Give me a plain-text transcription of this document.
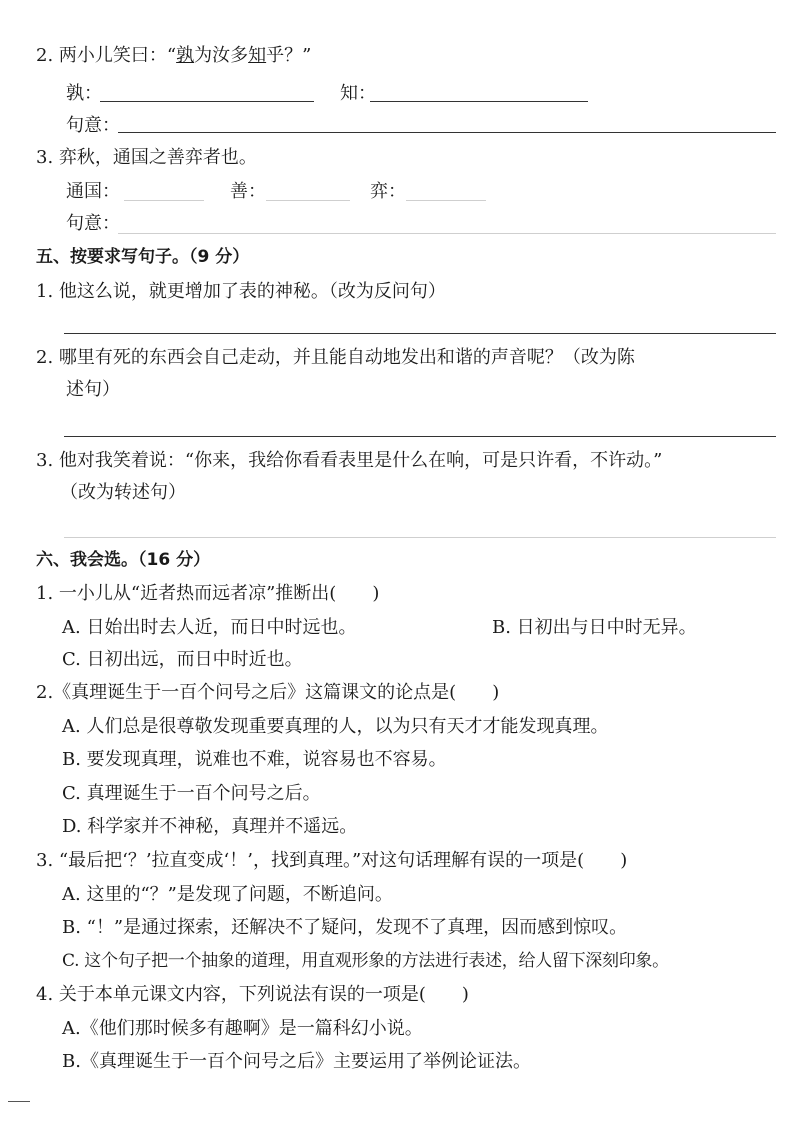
2. 两小儿笑曰：“孰为汝多知乎？”
孰：	知：
句意：
3. 弈秋，通国之善弈者也。
通国：	善：	弈：
句意：
五、按要求写句子。（9 分）
1. 他这么说，就更增加了表的神秘。（改为反问句）
2. 哪里有死的东西会自己走动，并且能自动地发出和谐的声音呢？（改为陈
述句）
3. 他对我笑着说：“你来，我给你看看表里是什么在响，可是只许看，不许动。”
（改为转述句）
六、我会选。（16 分）
1. 一小儿从“近者热而远者凉”推断出( )
A. 日始出时去人近，而日中时远也。	B. 日初出与日中时无异。
C. 日初出远，而日中时近也。
2.《真理诞生于一百个问号之后》这篇课文的论点是( )
A. 人们总是很尊敬发现重要真理的人，以为只有天才才能发现真理。
B. 要发现真理，说难也不难，说容易也不容易。
C. 真理诞生于一百个问号之后。
D. 科学家并不神秘，真理并不遥远。
3. “最后把‘？’拉直变成‘！’，找到真理。”对这句话理解有误的一项是( )
A. 这里的“？”是发现了问题，不断追问。
B. “！”是通过探索，还解决不了疑问，发现不了真理，因而感到惊叹。
C. 这个句子把一个抽象的道理，用直观形象的方法进行表述，给人留下深刻印象。
4. 关于本单元课文内容，下列说法有误的一项是( )
A.《他们那时候多有趣啊》是一篇科幻小说。
B.《真理诞生于一百个问号之后》主要运用了举例论证法。
